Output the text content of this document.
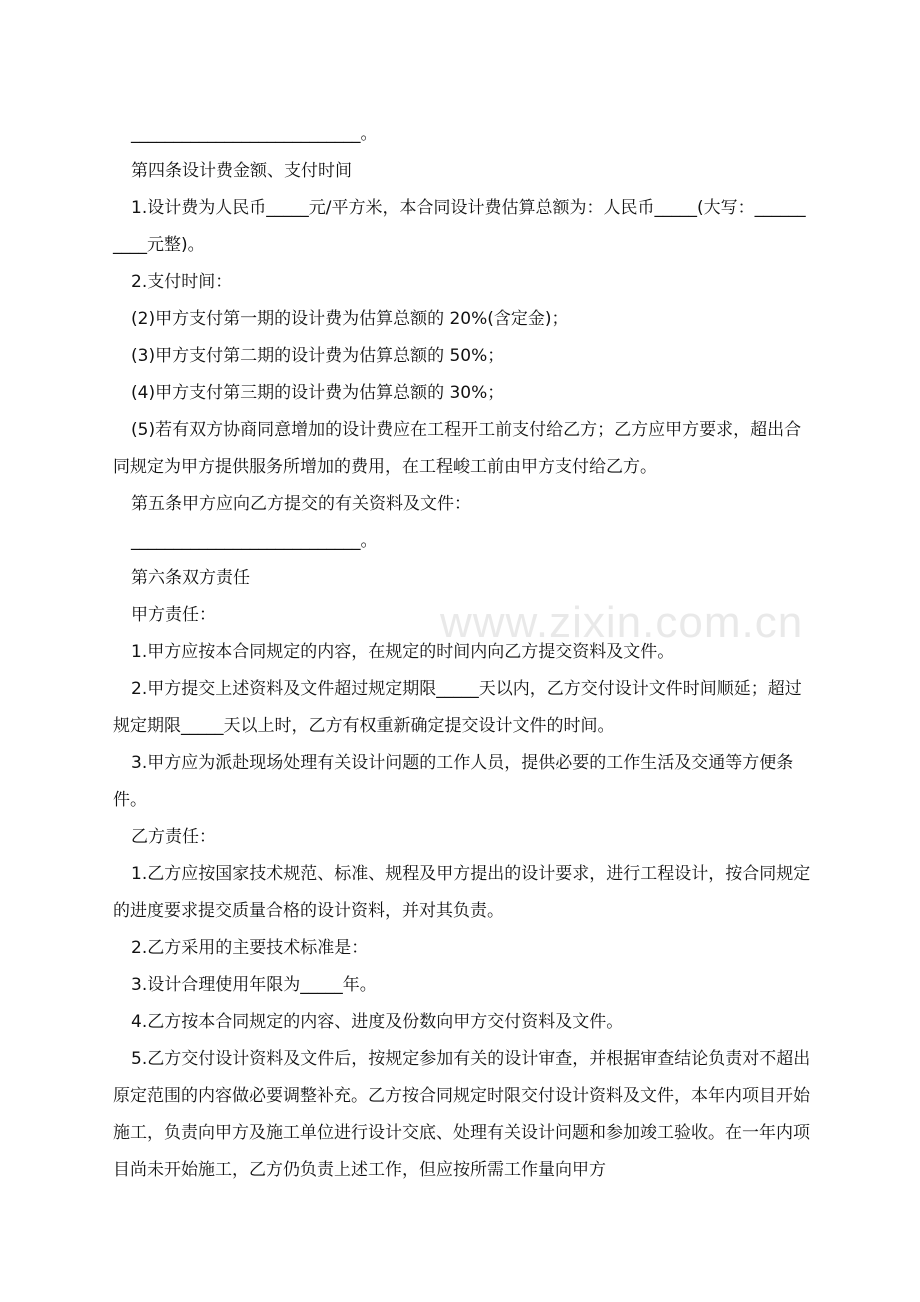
www.zixin.com.cn

___________________________。

第四条设计费金额、支付时间

1.设计费为人民币_____元/平方米，本合同设计费估算总额为：人民币_____(大写：__________元整)。

2.支付时间：

(2)甲方支付第一期的设计费为估算总额的 20%(含定金)；

(3)甲方支付第二期的设计费为估算总额的 50%；

(4)甲方支付第三期的设计费为估算总额的 30%；

(5)若有双方协商同意增加的设计费应在工程开工前支付给乙方；乙方应甲方要求，超出合同规定为甲方提供服务所增加的费用，在工程峻工前由甲方支付给乙方。

第五条甲方应向乙方提交的有关资料及文件：

___________________________。

第六条双方责任

甲方责任：

1.甲方应按本合同规定的内容，在规定的时间内向乙方提交资料及文件。

2.甲方提交上述资料及文件超过规定期限_____天以内，乙方交付设计文件时间顺延；超过规定期限_____天以上时，乙方有权重新确定提交设计文件的时间。

3.甲方应为派赴现场处理有关设计问题的工作人员，提供必要的工作生活及交通等方便条件。

乙方责任：

1.乙方应按国家技术规范、标准、规程及甲方提出的设计要求，进行工程设计，按合同规定的进度要求提交质量合格的设计资料，并对其负责。

2.乙方采用的主要技术标准是：

3.设计合理使用年限为_____年。

4.乙方按本合同规定的内容、进度及份数向甲方交付资料及文件。

5.乙方交付设计资料及文件后，按规定参加有关的设计审查，并根据审查结论负责对不超出原定范围的内容做必要调整补充。乙方按合同规定时限交付设计资料及文件，本年内项目开始施工，负责向甲方及施工单位进行设计交底、处理有关设计问题和参加竣工验收。在一年内项目尚未开始施工，乙方仍负责上述工作，但应按所需工作量向甲方
